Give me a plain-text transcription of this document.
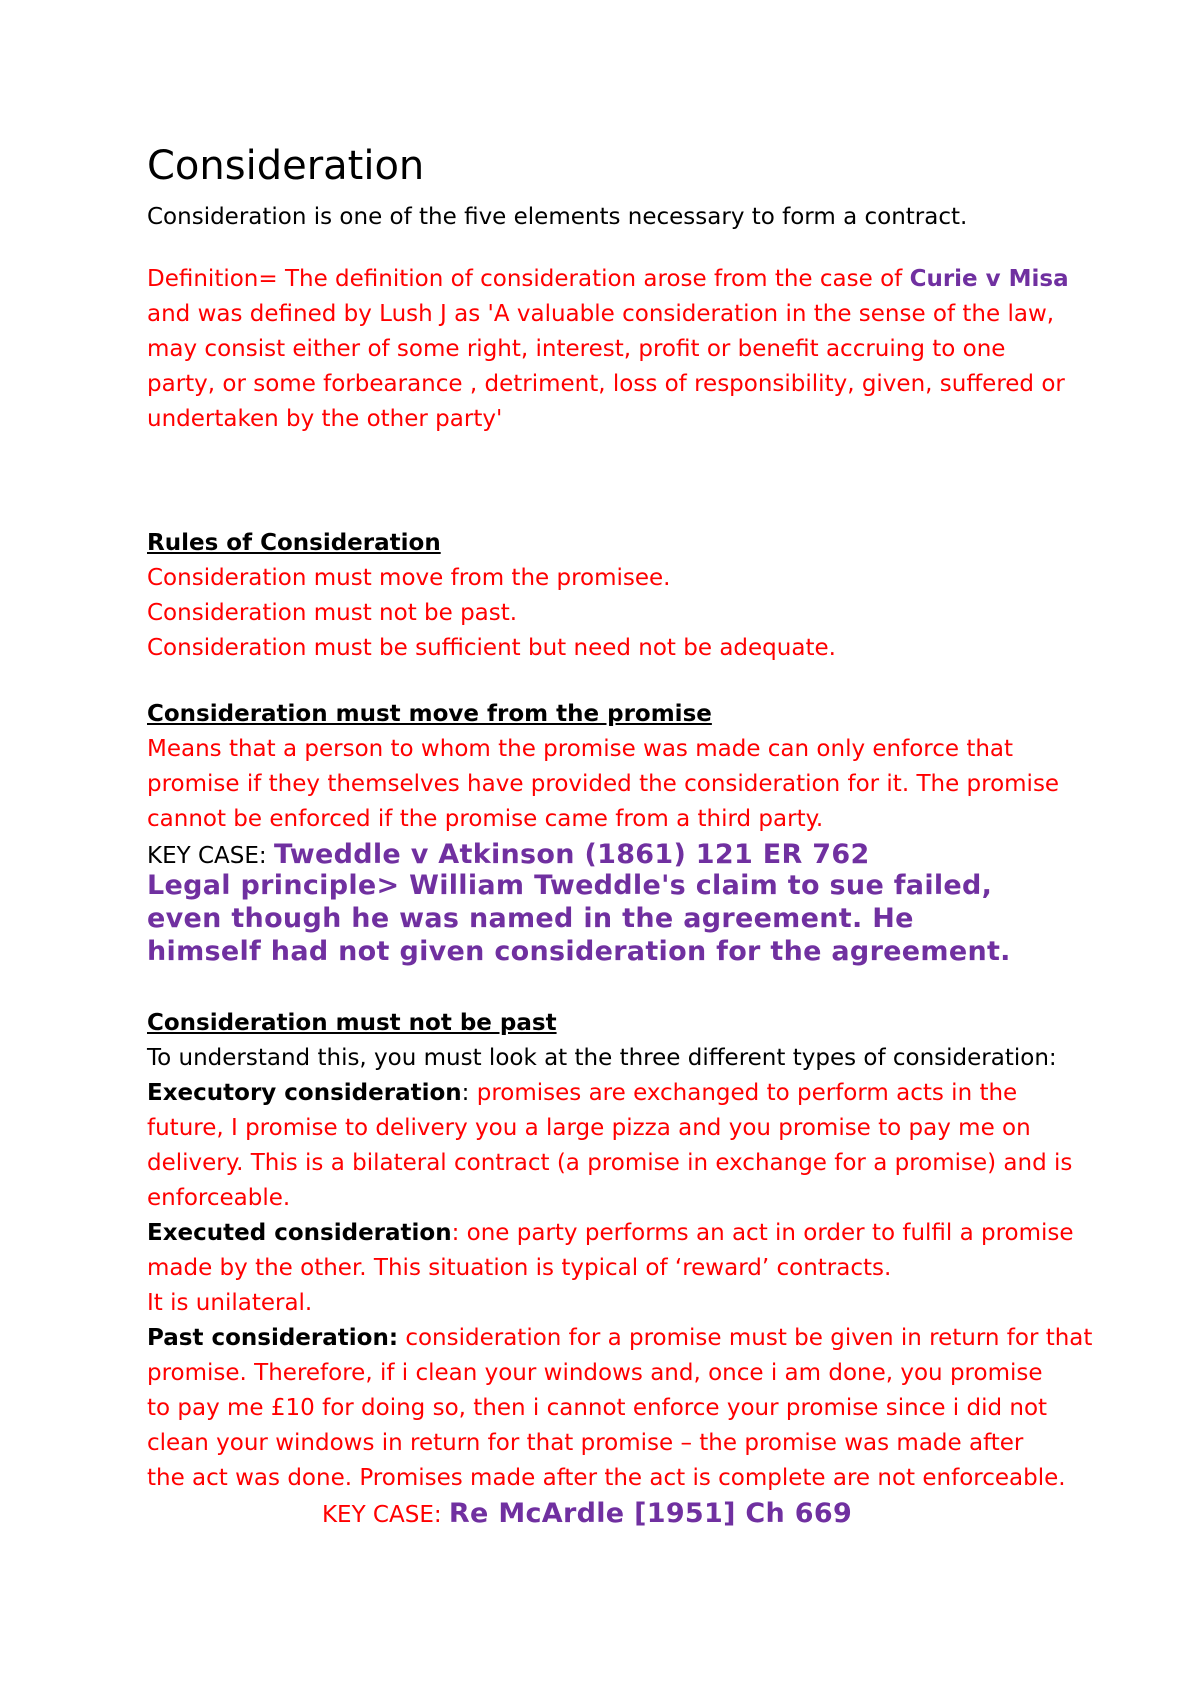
Consideration
Consideration is one of the five elements necessary to form a contract.
Definition= The definition of consideration arose from the case of Curie v Misa
and was defined by Lush J as 'A valuable consideration in the sense of the law,
may consist either of some right, interest, profit or benefit accruing to one
party, or some forbearance , detriment, loss of responsibility, given, suffered or
undertaken by the other party'
Rules of Consideration
Consideration must move from the promisee.
Consideration must not be past.
Consideration must be sufficient but need not be adequate.
Consideration must move from the promise
Means that a person to whom the promise was made can only enforce that
promise if they themselves have provided the consideration for it. The promise
cannot be enforced if the promise came from a third party.
KEY CASE: Tweddle v Atkinson (1861) 121 ER 762
Legal principle> William Tweddle's claim to sue failed,
even though he was named in the agreement. He
himself had not given consideration for the agreement.
Consideration must not be past
To understand this, you must look at the three different types of consideration:
Executory consideration: promises are exchanged to perform acts in the
future, I promise to delivery you a large pizza and you promise to pay me on
delivery. This is a bilateral contract (a promise in exchange for a promise) and is
enforceable.
Executed consideration: one party performs an act in order to fulfil a promise
made by the other. This situation is typical of ‘reward’ contracts.
It is unilateral.
Past consideration: consideration for a promise must be given in return for that
promise. Therefore, if i clean your windows and, once i am done, you promise
to pay me £10 for doing so, then i cannot enforce your promise since i did not
clean your windows in return for that promise – the promise was made after
the act was done. Promises made after the act is complete are not enforceable.
KEY CASE: Re McArdle [1951] Ch 669
